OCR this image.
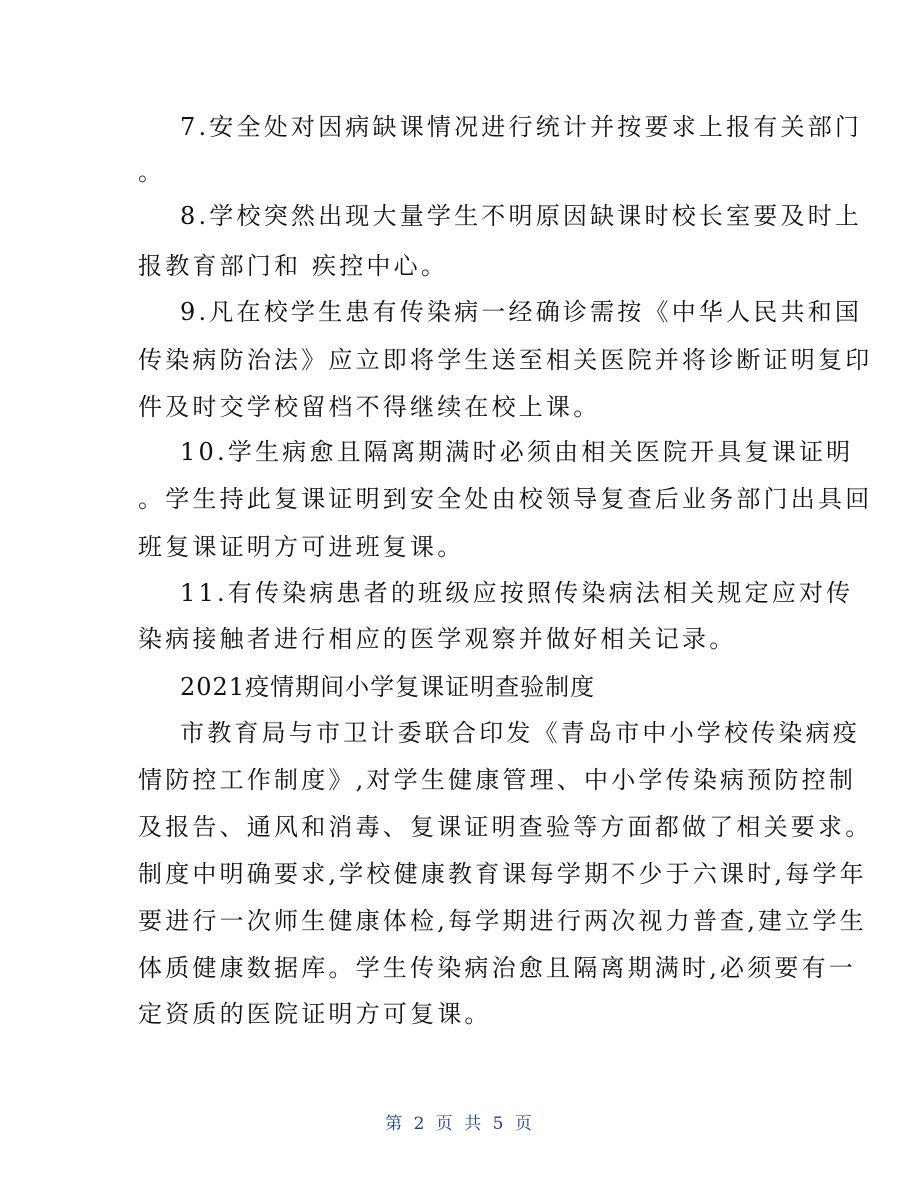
7.安全处对因病缺课情况进行统计并按要求上报有关部门
。
8.学校突然出现大量学生不明原因缺课时校长室要及时上
报教育部门和 疾控中心。
9.凡在校学生患有传染病一经确诊需按《中华人民共和国
传染病防治法》应立即将学生送至相关医院并将诊断证明复印
件及时交学校留档不得继续在校上课。
10.学生病愈且隔离期满时必须由相关医院开具复课证明
。学生持此复课证明到安全处由校领导复查后业务部门出具回
班复课证明方可进班复课。
11.有传染病患者的班级应按照传染病法相关规定应对传
染病接触者进行相应的医学观察并做好相关记录。
2021疫情期间小学复课证明查验制度
市教育局与市卫计委联合印发《青岛市中小学校传染病疫
情防控工作制度》,对学生健康管理、中小学传染病预防控制
及报告、通风和消毒、复课证明查验等方面都做了相关要求。
制度中明确要求,学校健康教育课每学期不少于六课时,每学年
要进行一次师生健康体检,每学期进行两次视力普查,建立学生
体质健康数据库。学生传染病治愈且隔离期满时,必须要有一
定资质的医院证明方可复课。
第 2 页 共 5 页
